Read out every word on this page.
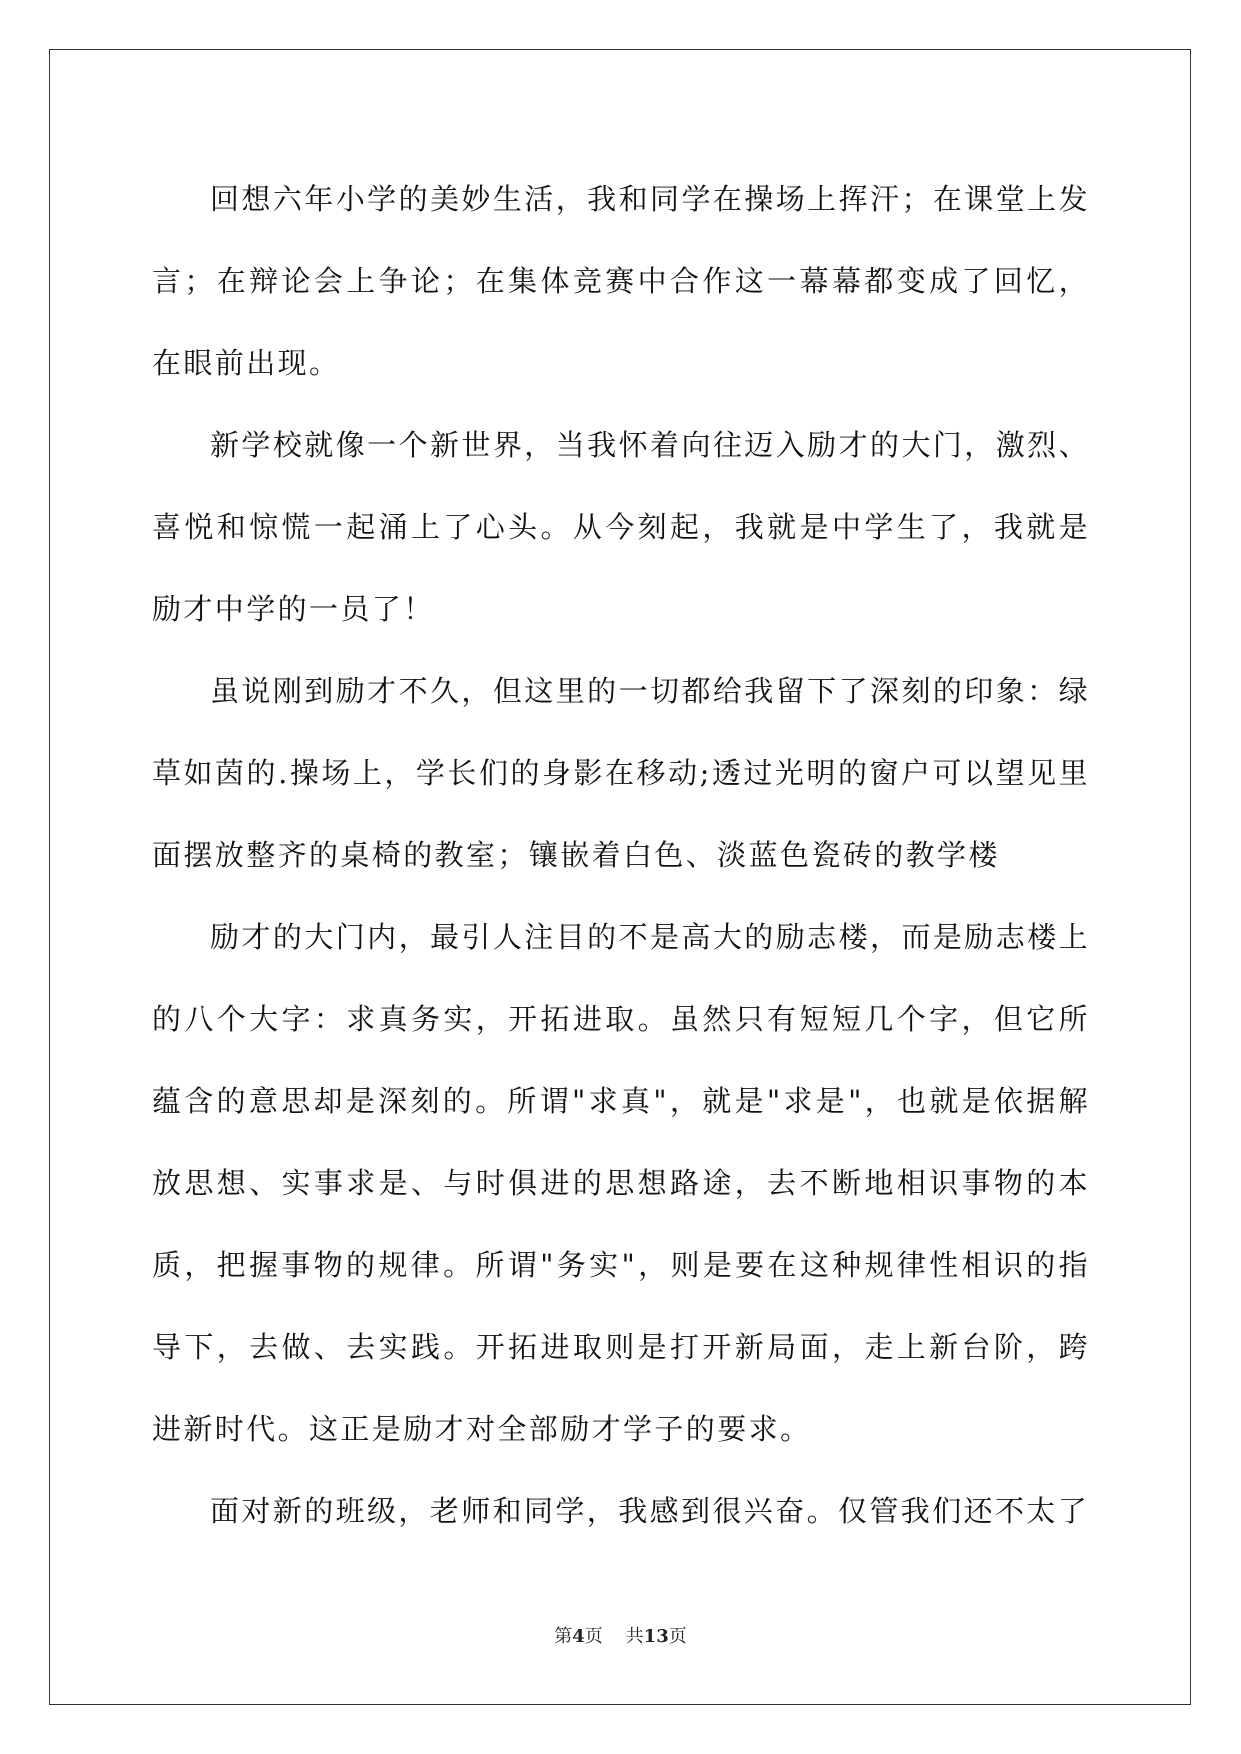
回想六年小学的美妙生活，我和同学在操场上挥汗；在课堂上发言；在辩论会上争论；在集体竞赛中合作这一幕幕都变成了回忆，在眼前出现。

新学校就像一个新世界，当我怀着向往迈入励才的大门，激烈、喜悦和惊慌一起涌上了心头。从今刻起，我就是中学生了，我就是励才中学的一员了！

虽说刚到励才不久，但这里的一切都给我留下了深刻的印象：绿草如茵的.操场上，学长们的身影在移动;透过光明的窗户可以望见里面摆放整齐的桌椅的教室；镶嵌着白色、淡蓝色瓷砖的教学楼

励才的大门内，最引人注目的不是高大的励志楼，而是励志楼上的八个大字：求真务实，开拓进取。虽然只有短短几个字，但它所蕴含的意思却是深刻的。所谓"求真"，就是"求是"，也就是依据解放思想、实事求是、与时俱进的思想路途，去不断地相识事物的本质，把握事物的规律。所谓"务实"，则是要在这种规律性相识的指导下，去做、去实践。开拓进取则是打开新局面，走上新台阶，跨进新时代。这正是励才对全部励才学子的要求。

面对新的班级，老师和同学，我感到很兴奋。仅管我们还不太了

第4页 共13页
